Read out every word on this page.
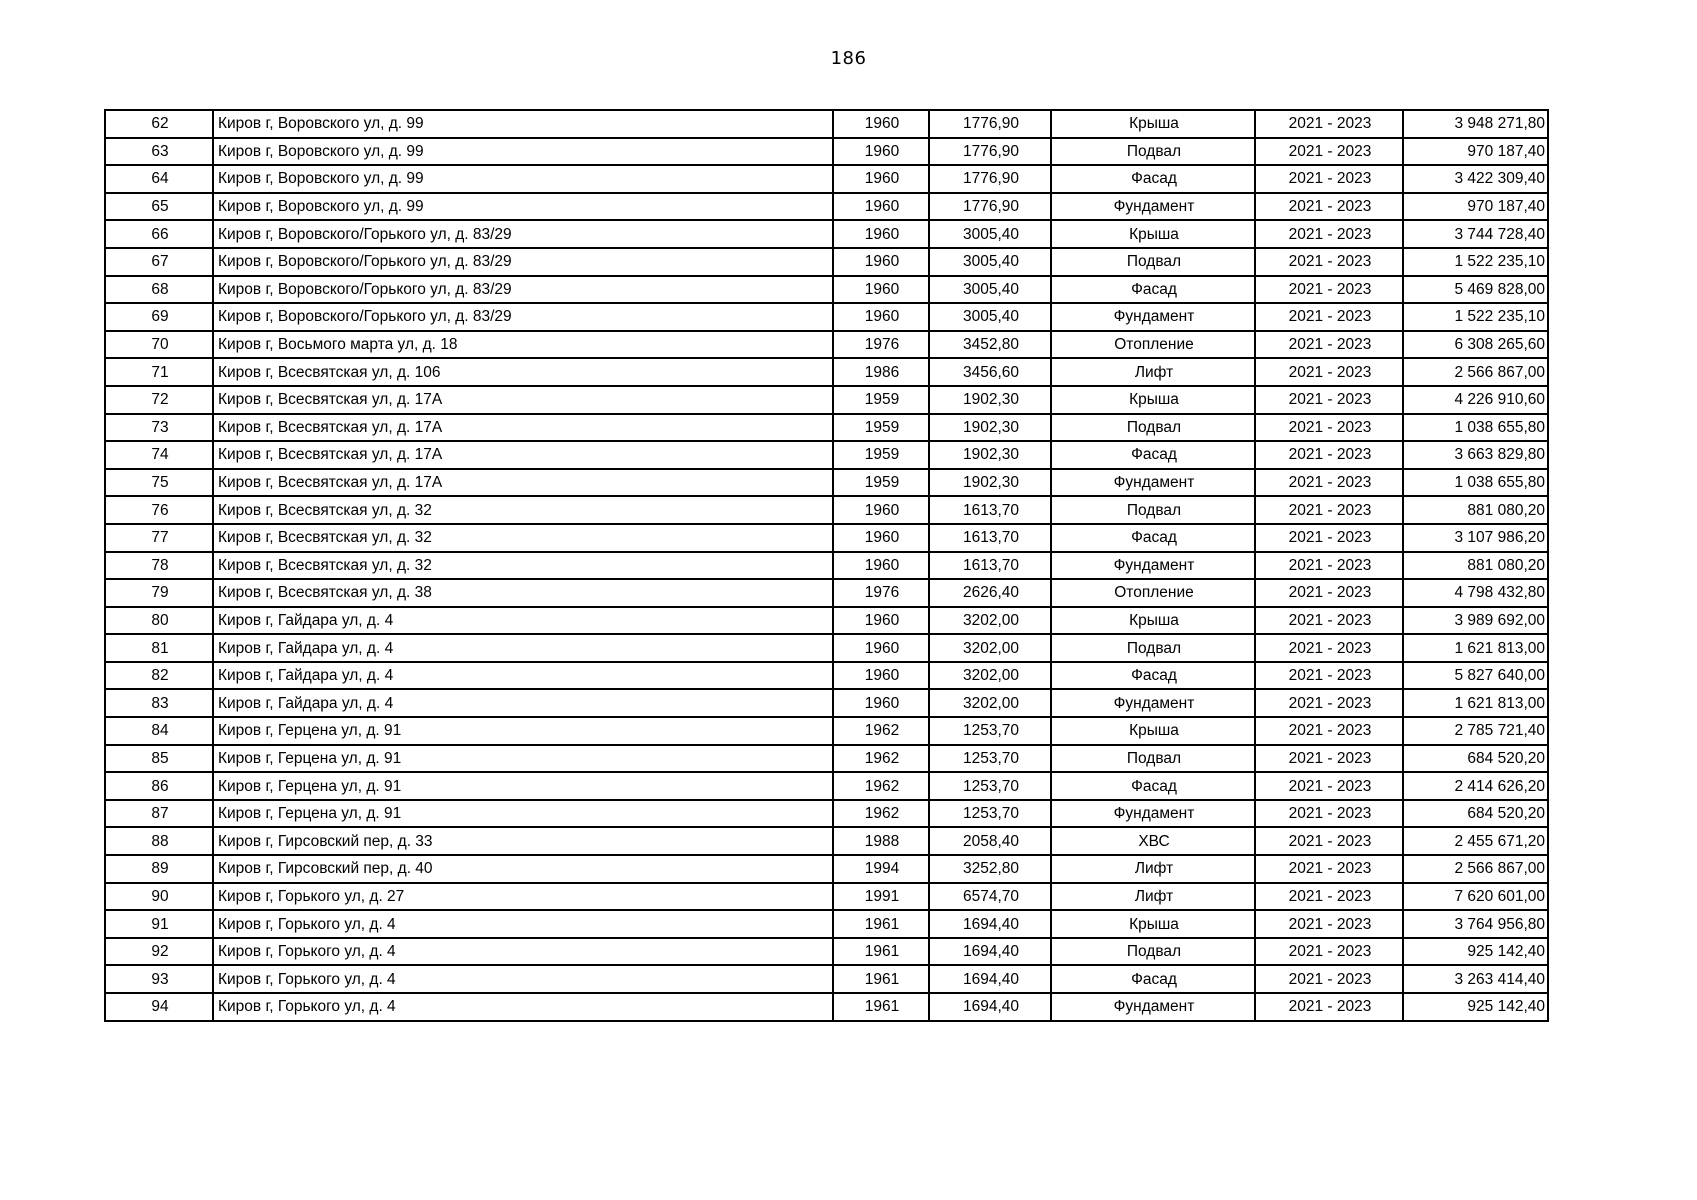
186
62	Киров г, Воровского ул, д. 99	1960	1776,90	Крыша	2021 - 2023	3 948 271,80
63	Киров г, Воровского ул, д. 99	1960	1776,90	Подвал	2021 - 2023	970 187,40
64	Киров г, Воровского ул, д. 99	1960	1776,90	Фасад	2021 - 2023	3 422 309,40
65	Киров г, Воровского ул, д. 99	1960	1776,90	Фундамент	2021 - 2023	970 187,40
66	Киров г, Воровского/Горького ул, д. 83/29	1960	3005,40	Крыша	2021 - 2023	3 744 728,40
67	Киров г, Воровского/Горького ул, д. 83/29	1960	3005,40	Подвал	2021 - 2023	1 522 235,10
68	Киров г, Воровского/Горького ул, д. 83/29	1960	3005,40	Фасад	2021 - 2023	5 469 828,00
69	Киров г, Воровского/Горького ул, д. 83/29	1960	3005,40	Фундамент	2021 - 2023	1 522 235,10
70	Киров г, Восьмого марта ул, д. 18	1976	3452,80	Отопление	2021 - 2023	6 308 265,60
71	Киров г, Всесвятская ул, д. 106	1986	3456,60	Лифт	2021 - 2023	2 566 867,00
72	Киров г, Всесвятская ул, д. 17А	1959	1902,30	Крыша	2021 - 2023	4 226 910,60
73	Киров г, Всесвятская ул, д. 17А	1959	1902,30	Подвал	2021 - 2023	1 038 655,80
74	Киров г, Всесвятская ул, д. 17А	1959	1902,30	Фасад	2021 - 2023	3 663 829,80
75	Киров г, Всесвятская ул, д. 17А	1959	1902,30	Фундамент	2021 - 2023	1 038 655,80
76	Киров г, Всесвятская ул, д. 32	1960	1613,70	Подвал	2021 - 2023	881 080,20
77	Киров г, Всесвятская ул, д. 32	1960	1613,70	Фасад	2021 - 2023	3 107 986,20
78	Киров г, Всесвятская ул, д. 32	1960	1613,70	Фундамент	2021 - 2023	881 080,20
79	Киров г, Всесвятская ул, д. 38	1976	2626,40	Отопление	2021 - 2023	4 798 432,80
80	Киров г, Гайдара ул, д. 4	1960	3202,00	Крыша	2021 - 2023	3 989 692,00
81	Киров г, Гайдара ул, д. 4	1960	3202,00	Подвал	2021 - 2023	1 621 813,00
82	Киров г, Гайдара ул, д. 4	1960	3202,00	Фасад	2021 - 2023	5 827 640,00
83	Киров г, Гайдара ул, д. 4	1960	3202,00	Фундамент	2021 - 2023	1 621 813,00
84	Киров г, Герцена ул, д. 91	1962	1253,70	Крыша	2021 - 2023	2 785 721,40
85	Киров г, Герцена ул, д. 91	1962	1253,70	Подвал	2021 - 2023	684 520,20
86	Киров г, Герцена ул, д. 91	1962	1253,70	Фасад	2021 - 2023	2 414 626,20
87	Киров г, Герцена ул, д. 91	1962	1253,70	Фундамент	2021 - 2023	684 520,20
88	Киров г, Гирсовский пер, д. 33	1988	2058,40	ХВС	2021 - 2023	2 455 671,20
89	Киров г, Гирсовский пер, д. 40	1994	3252,80	Лифт	2021 - 2023	2 566 867,00
90	Киров г, Горького ул, д. 27	1991	6574,70	Лифт	2021 - 2023	7 620 601,00
91	Киров г, Горького ул, д. 4	1961	1694,40	Крыша	2021 - 2023	3 764 956,80
92	Киров г, Горького ул, д. 4	1961	1694,40	Подвал	2021 - 2023	925 142,40
93	Киров г, Горького ул, д. 4	1961	1694,40	Фасад	2021 - 2023	3 263 414,40
94	Киров г, Горького ул, д. 4	1961	1694,40	Фундамент	2021 - 2023	925 142,40
